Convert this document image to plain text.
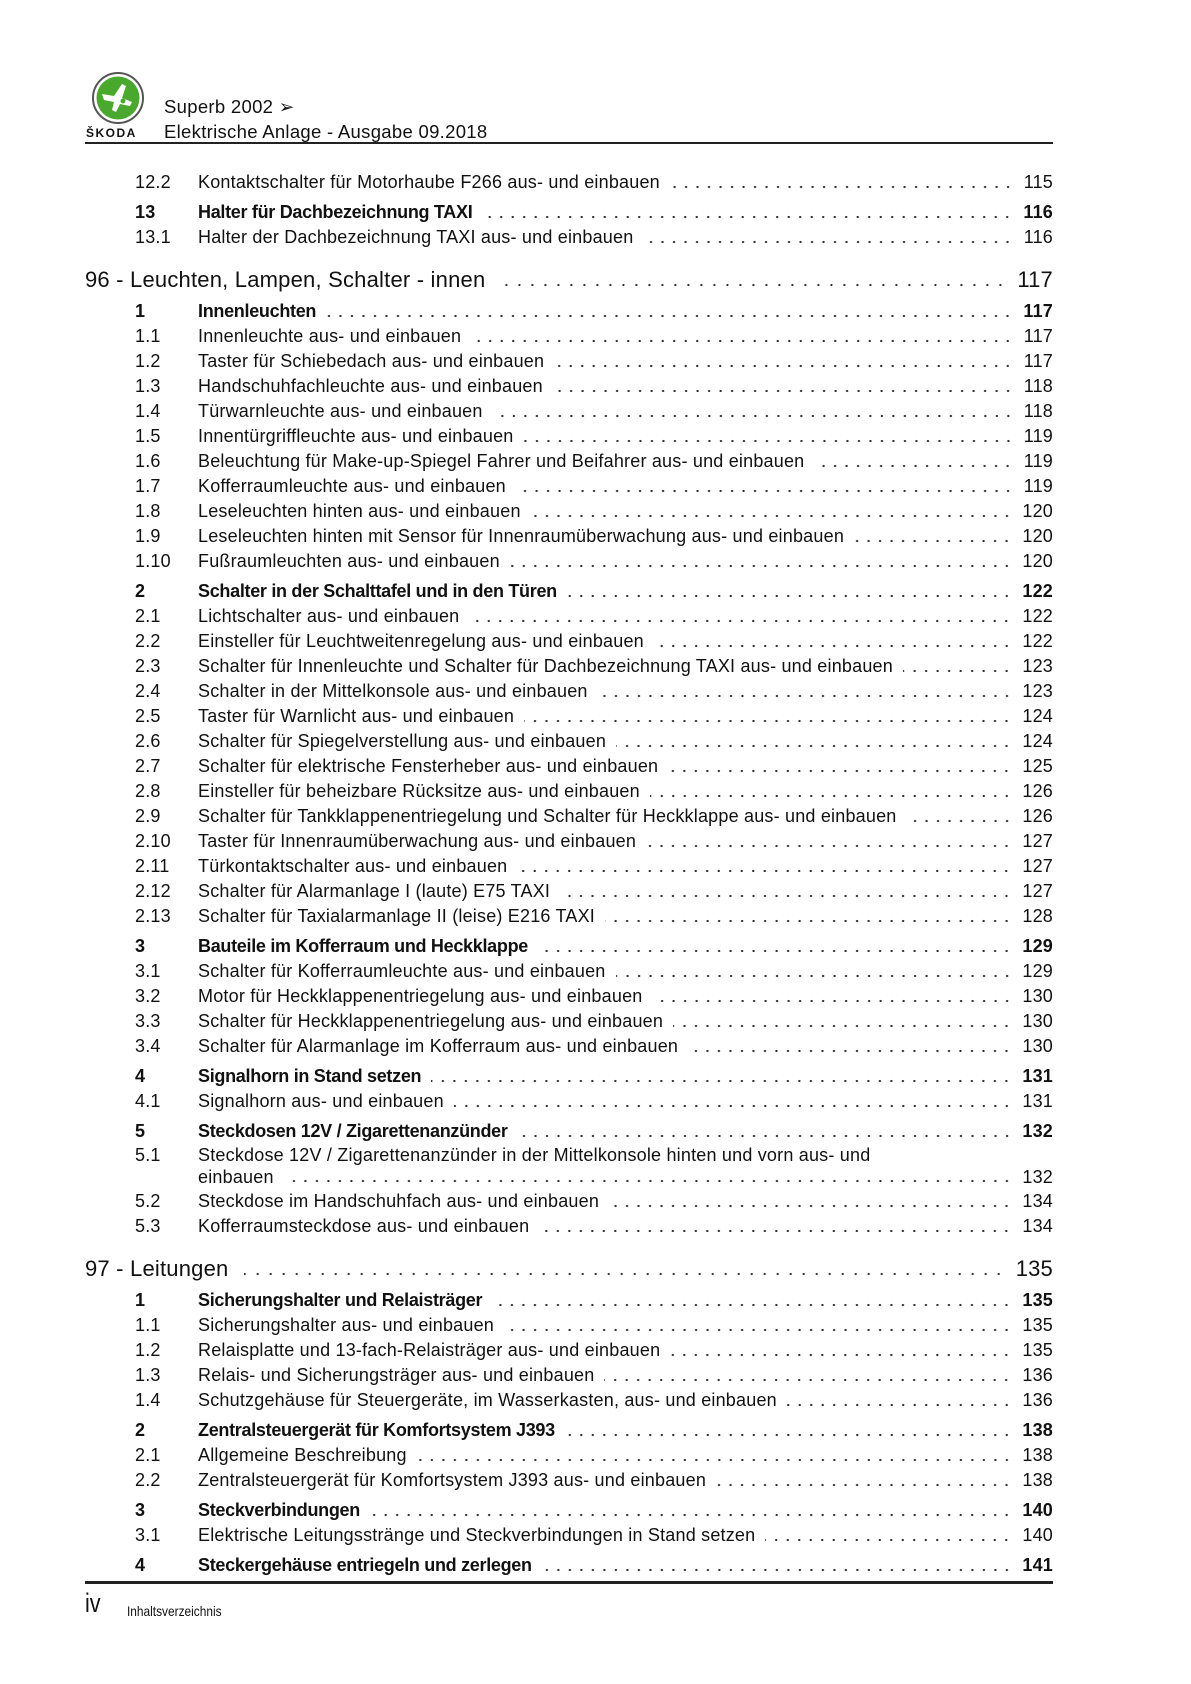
ŠKODA
Superb 2002 ➢
Elektrische Anlage - Ausgabe 09.2018
12.2	Kontaktschalter für Motorhaube F266 aus- und einbauen	115
13	Halter für Dachbezeichnung TAXI	116
13.1	Halter der Dachbezeichnung TAXI aus- und einbauen	116
96 - Leuchten, Lampen, Schalter - innen	117
1	Innenleuchten	117
1.1	Innenleuchte aus- und einbauen	117
1.2	Taster für Schiebedach aus- und einbauen	117
1.3	Handschuhfachleuchte aus- und einbauen	118
1.4	Türwarnleuchte aus- und einbauen	118
1.5	Innentürgriffleuchte aus- und einbauen	119
1.6	Beleuchtung für Make-up-Spiegel Fahrer und Beifahrer aus- und einbauen	119
1.7	Kofferraumleuchte aus- und einbauen	119
1.8	Leseleuchten hinten aus- und einbauen	120
1.9	Leseleuchten hinten mit Sensor für Innenraumüberwachung aus- und einbauen	120
1.10	Fußraumleuchten aus- und einbauen	120
2	Schalter in der Schalttafel und in den Türen	122
2.1	Lichtschalter aus- und einbauen	122
2.2	Einsteller für Leuchtweitenregelung aus- und einbauen	122
2.3	Schalter für Innenleuchte und Schalter für Dachbezeichnung TAXI aus- und einbauen	123
2.4	Schalter in der Mittelkonsole aus- und einbauen	123
2.5	Taster für Warnlicht aus- und einbauen	124
2.6	Schalter für Spiegelverstellung aus- und einbauen	124
2.7	Schalter für elektrische Fensterheber aus- und einbauen	125
2.8	Einsteller für beheizbare Rücksitze aus- und einbauen	126
2.9	Schalter für Tankklappenentriegelung und Schalter für Heckklappe aus- und einbauen	126
2.10	Taster für Innenraumüberwachung aus- und einbauen	127
2.11	Türkontaktschalter aus- und einbauen	127
2.12	Schalter für Alarmanlage I (laute) E75 TAXI	127
2.13	Schalter für Taxialarmanlage II (leise) E216 TAXI	128
3	Bauteile im Kofferraum und Heckklappe	129
3.1	Schalter für Kofferraumleuchte aus- und einbauen	129
3.2	Motor für Heckklappenentriegelung aus- und einbauen	130
3.3	Schalter für Heckklappenentriegelung aus- und einbauen	130
3.4	Schalter für Alarmanlage im Kofferraum aus- und einbauen	130
4	Signalhorn in Stand setzen	131
4.1	Signalhorn aus- und einbauen	131
5	Steckdosen 12V / Zigarettenanzünder	132
5.1	Steckdose 12V / Zigarettenanzünder in der Mittelkonsole hinten und vorn aus- und
einbauen	132
5.2	Steckdose im Handschuhfach aus- und einbauen	134
5.3	Kofferraumsteckdose aus- und einbauen	134
97 - Leitungen	135
1	Sicherungshalter und Relaisträger	135
1.1	Sicherungshalter aus- und einbauen	135
1.2	Relaisplatte und 13-fach-Relaisträger aus- und einbauen	135
1.3	Relais- und Sicherungsträger aus- und einbauen	136
1.4	Schutzgehäuse für Steuergeräte, im Wasserkasten, aus- und einbauen	136
2	Zentralsteuergerät für Komfortsystem J393	138
2.1	Allgemeine Beschreibung	138
2.2	Zentralsteuergerät für Komfortsystem J393 aus- und einbauen	138
3	Steckverbindungen	140
3.1	Elektrische Leitungsstränge und Steckverbindungen in Stand setzen	140
4	Steckergehäuse entriegeln und zerlegen	141
iv Inhaltsverzeichnis
